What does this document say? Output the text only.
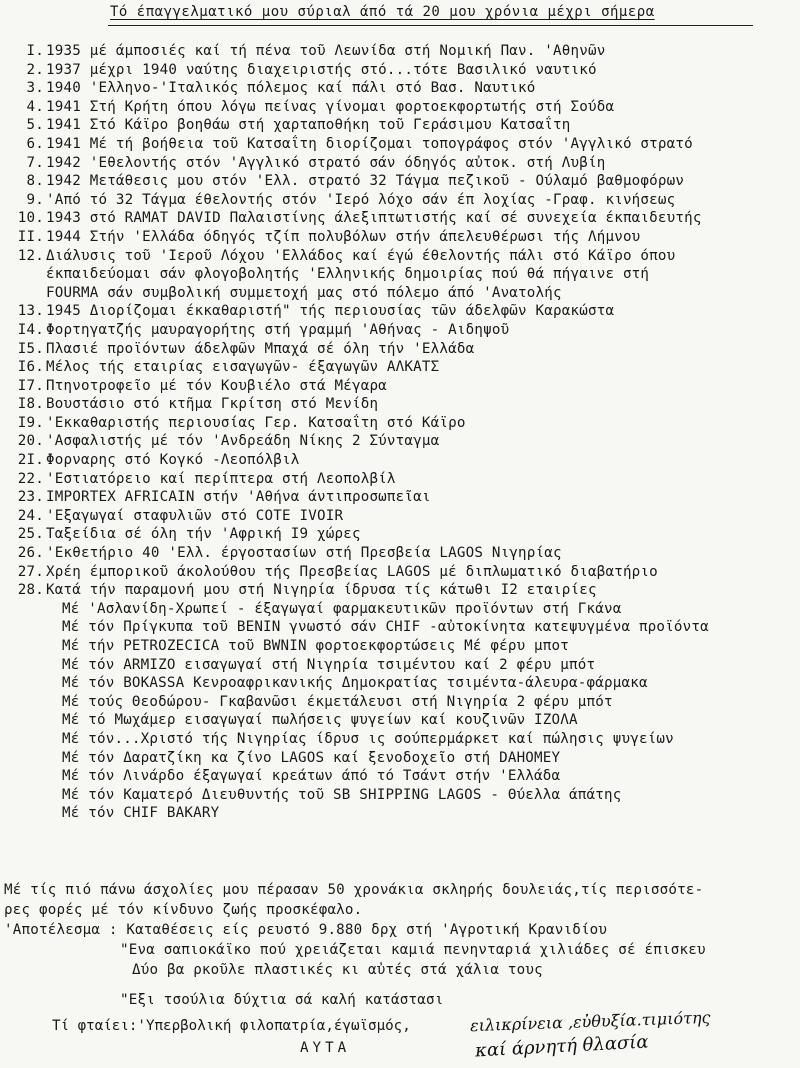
Τό έπαγγελματικό μου σύριαλ άπό τά 20 μου χρόνια μέχρι σήμερα
I. 1935 μέ άμποσιές καί τή πένα τοῦ Λεωνίδα στή Νομική Παν. 'Αθηνῶν
2. 1937 μέχρι 1940 ναύτης διαχειριστής στό...τότε Βασιλικό ναυτικό
3. 1940 'Ελληνο-'Ιταλικός πόλεμος καί πάλι στό Βασ. Ναυτικό
4. 1941 Στή Κρήτη όπου λόγω πείνας γίνομαι φορτοεκφορτωτής στή Σούδα
5. 1941 Στό Κάϊρο βοηθάω στή χαρταποθήκη τοῦ Γεράσιμου Κατσαΐτη
6. 1941 Μέ τή βοήθεια τοῦ Κατσαΐτη διορίζομαι τοπογράφος στόν 'Αγγλικό στρατό
7. 1942 'Εθελοντής στόν 'Αγγλικό στρατό σάν όδηγός αὐτοκ. στή Λυβίη
8. 1942 Μετάθεσις μου στόν 'Ελλ. στρατό 32 Τάγμα πεζικοῦ - Ούλαμό βαθμοφόρων
9. 'Από τό 32 Τάγμα έθελοντής στόν 'Ιερό λόχο σάν έπ λοχίας -Γραφ. κινήσεως
10. 1943 στό RAMAT DAVID Παλαιστίνης άλεξιπτωτιστής καί σέ συνεχεία έκπαιδευτής
II. 1944 Στήν 'Ελλάδα όδηγός τζίπ πολυβόλων στήν άπελευθέρωσι τής Λήμνου
12. Διάλυσις τοῦ 'Ιεροῦ Λόχου 'Ελλάδος καί έγώ έθελοντής πάλι στό Κάϊρο όπου
έκπαιδεύομαι σάν φλογοβολητής 'Ελληνικής δημοιρίας πού θά πήγαινε στή
FOURMA σάν συμβολική συμμετοχή μας στό πόλεμο άπό 'Ανατολής
13. 1945 Διορίζομαι έκκαθαριστή" τής περιουσίας τῶν άδελφῶν Καρακώστα
I4. Φορτηγατζής μαυραγορήτης στή γραμμή 'Αθήνας - Αιδηψοῦ
I5. Πλασιέ προϊόντων άδελφῶν Μπαχά σέ όλη τήν 'Ελλάδα
I6. Μέλος τής εταιρίας εισαγωγῶν- έξαγωγῶν ΑΛΚΑΤΣ
I7. Πτηνοτροφεῖο μέ τόν Κουβιέλο στά Μέγαρα
I8. Βουστάσιο στό κτῆμα Γκρίτση στό Μενίδη
I9. 'Εκκαθαριστής περιουσίας Γερ. Κατσαΐτη στό Κάϊρο
20. 'Ασφαλιστής μέ τόν 'Ανδρεάδη Νίκης 2 Σύνταγμα
2I. Φορναρης στό Κογκό -Λεοπόλβιλ
22. 'Εστιατόρειο καί περίπτερα στή Λεοπολβίλ
23. IMPORTEX AFRICAIN στήν 'Αθήνα άντιπροσωπεῖαι
24. 'Εξαγωγαί σταφυλιῶν στό COTE IVOIR
25. Ταξείδια σέ όλη τήν 'Αφρική I9 χώρες
26. 'Εκθετήριο 40 'Ελλ. έργοστασίων στή Πρεσβεία LAGOS Νιγηρίας
27. Χρέη έμπορικοῦ άκολούθου τής Πρεσβείας LAGOS μέ διπλωματικό διαβατήριο
28. Κατά τήν παραμονή μου στή Νιγηρία ίδρυσα τίς κάτωθι I2 εταιρίες
Μέ 'Ασλανίδη-Χρωπεί - έξαγωγαί φαρμακευτικῶν προϊόντων στή Γκάνα
Μέ τόν Πρίγκυπα τοῦ BENIN γνωστό σάν CHIF -αὐτοκίνητα κατεψυγμένα προϊόντα
Μέ τήν PETROZECICA τοῦ BWNIN φορτοεκφορτώσεις Μέ φέρυ μποτ
Μέ τόν ARMIZO εισαγωγαί στή Νιγηρία τσιμέντου καί 2 φέρυ μπότ
Μέ τόν BOKASSA Κενροαφρικανικής Δημοκρατίας τσιμέντα-άλευρα-φάρμακα
Μέ τούς Θεοδώρου- Γκαβανῶσι έκμετάλευσι στή Νιγηρία 2 φέρυ μπότ
Μέ τό Μωχάμερ εισαγωγαί πωλήσεις ψυγείων καί κουζινῶν ΙΖΟΛΑ
Μέ τόν...Χριστό τής Νιγηρίας ίδρυσ ις σούπερμάρκετ καί πώλησις ψυγείων
Μέ τόν Δαρατζίκη κα ζίνο LAGOS καί ξενοδοχεῖο στή DAHOMEY
Μέ τόν Λινάρδο έξαγωγαί κρεάτων άπό τό Τσάντ στήν 'Ελλάδα
Μέ τόν Καματερό Διευθυντής τοῦ SB SHIPPING LAGOS - Θύελλα άπάτης
Μέ τόν CHIF BAKARY
Μέ τίς πιό πάνω άσχολίες μου πέρασαν 50 χρονάκια σκληρής δουλειάς,τίς περισσότε-
ρες φορές μέ τόν κίνδυνο ζωής προσκέφαλο.
'Αποτέλεσμα : Καταθέσεις είς ρευστό 9.880 δρχ στή 'Αγροτική Κρανιδίου
"Ενα σαπιοκάϊκο πού χρειάζεται καμιά πενηνταριά χιλιάδες σέ έπισκευ
Δύο βα ρκοῦλε πλαστικές κι αὐτές στά χάλια τους
"Εξι τσούλια δύχτια σά καλή κατάστασι
Τί φταίει:'Υπερβολική φιλοπατρία,έγωϊσμός,	ειλικρίνεια ,εὐθυξία.τιμιότης
ΑΥΤΑ	καί άρνητή θλασία
